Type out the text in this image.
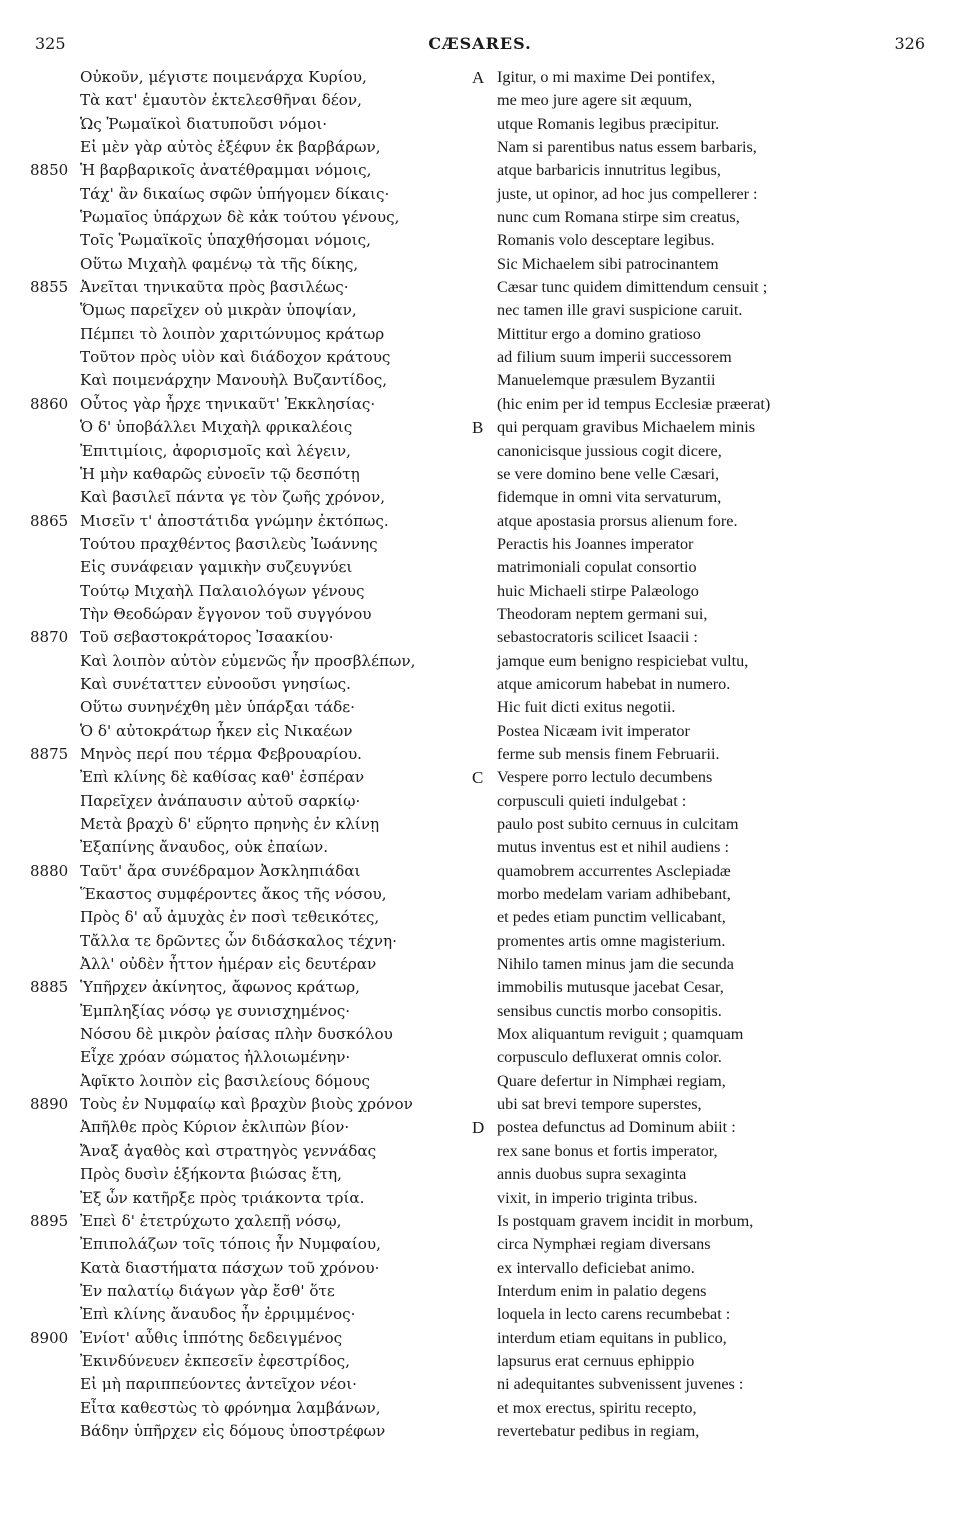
325	CÆSARES.	326
Οὐκοῦν, μέγιστε ποιμενάρχα Κυρίου,
Τὰ κατ' ἐμαυτὸν ἐκτελεσθῆναι δέον,
Ὡς Ῥωμαϊκοὶ διατυποῦσι νόμοι·
Εἰ μὲν γὰρ αὐτὸς ἐξέφυν ἐκ βαρβάρων,
8850 Ἡ βαρβαρικοῖς ἀνατέθραμμαι νόμοις,
Τάχ' ἂν δικαίως σφῶν ὑπήγομεν δίκαις·
Ῥωμαῖος ὑπάρχων δὲ κἀκ τούτου γένους,
Τοῖς Ῥωμαϊκοῖς ὑπαχθήσομαι νόμοις,
Οὕτω Μιχαὴλ φαμένῳ τὰ τῆς δίκης,
8855 Ἀνεῖται τηνικαῦτα πρὸς βασιλέως·
Ὅμως παρεῖχεν οὐ μικρὰν ὑποψίαν,
Πέμπει τὸ λοιπὸν χαριτώνυμος κράτωρ
Τοῦτον πρὸς υἱὸν καὶ διάδοχον κράτους
Καὶ ποιμενάρχην Μανουὴλ Βυζαντίδος,
8860 Οὗτος γὰρ ἦρχε τηνικαῦτ' Ἐκκλησίας·
Ὁ δ' ὑποβάλλει Μιχαὴλ φρικαλέοις
Ἐπιτιμίοις, ἀφορισμοῖς καὶ λέγειν,
Ἡ μὴν καθαρῶς εὐνοεῖν τῷ δεσπότῃ
Καὶ βασιλεῖ πάντα γε τὸν ζωῆς χρόνον,
8865 Μισεῖν τ' ἀποστάτιδα γνώμην ἐκτόπως.
Τούτου πραχθέντος βασιλεὺς Ἰωάννης
Εἰς συνάφειαν γαμικὴν συζευγνύει
Τούτῳ Μιχαὴλ Παλαιολόγων γένους
Τὴν Θεοδώραν ἔγγονον τοῦ συγγόνου
8870 Τοῦ σεβαστοκράτορος Ἰσαακίου·
Καὶ λοιπὸν αὐτὸν εὐμενῶς ἦν προσβλέπων,
Καὶ συνέταττεν εὐνοοῦσι γνησίως.
Οὕτω συνηνέχθη μὲν ὑπάρξαι τάδε·
Ὁ δ' αὐτοκράτωρ ἧκεν εἰς Νικαέων
8875 Μηνὸς περί που τέρμα Φεβρουαρίου.
Ἐπὶ κλίνης δὲ καθίσας καθ' ἑσπέραν
Παρεῖχεν ἀνάπαυσιν αὐτοῦ σαρκίῳ·
Μετὰ βραχὺ δ' εὕρητο πρηνὴς ἐν κλίνῃ
Ἐξαπίνης ἄναυδος, οὐκ ἐπαίων.
8880 Ταῦτ' ἄρα συνέδραμον Ἀσκληπιάδαι
Ἕκαστος συμφέροντες ἄκος τῆς νόσου,
Πρὸς δ' αὖ ἀμυχὰς ἐν ποσὶ τεθεικότες,
Τἄλλα τε δρῶντες ὧν διδάσκαλος τέχνη·
Ἀλλ' οὐδὲν ἧττον ἡμέραν εἰς δευτέραν
8885 Ὑπῆρχεν ἀκίνητος, ἄφωνος κράτωρ,
Ἐμπληξίας νόσῳ γε συνισχημένος·
Νόσου δὲ μικρὸν ῥαίσας πλὴν δυσκόλου
Εἶχε χρόαν σώματος ἠλλοιωμένην·
Ἀφῖκτο λοιπὸν εἰς βασιλείους δόμους
8890 Τοὺς ἐν Νυμφαίῳ καὶ βραχὺν βιοὺς χρόνον
Ἀπῆλθε πρὸς Κύριον ἐκλιπὼν βίον·
Ἄναξ ἀγαθὸς καὶ στρατηγὸς γεννάδας
Πρὸς δυσὶν ἑξήκοντα βιώσας ἔτη,
Ἐξ ὧν κατῆρξε πρὸς τριάκοντα τρία.
8895 Ἐπεὶ δ' ἐτετρύχωτο χαλεπῇ νόσῳ,
Ἐπιπολάζων τοῖς τόποις ἦν Νυμφαίου,
Κατὰ διαστήματα πάσχων τοῦ χρόνου·
Ἐν παλατίῳ διάγων γὰρ ἔσθ' ὅτε
Ἐπὶ κλίνης ἄναυδος ἦν ἐρριμμένος·
8900 Ἐνίοτ' αὖθις ἱππότης δεδειγμένος
Ἐκινδύνευεν ἐκπεσεῖν ἐφεστρίδος,
Εἰ μὴ παριππεύοντες ἀντεῖχον νέοι·
Εἶτα καθεστὼς τὸ φρόνημα λαμβάνων,
Βάδην ὑπῆρχεν εἰς δόμους ὑποστρέφων
A Igitur, o mi maxime Dei pontifex,
me meo jure agere sit æquum,
utque Romanis legibus præcipitur.
Nam si parentibus natus essem barbaris,
atque barbaricis innutritus legibus,
juste, ut opinor, ad hoc jus compellerer :
nunc cum Romana stirpe sim creatus,
Romanis volo desceptare legibus.
Sic Michaelem sibi patrocinantem
Cæsar tunc quidem dimittendum censuit ;
nec tamen ille gravi suspicione caruit.
Mittitur ergo a domino gratioso
ad filium suum imperii successorem
Manuelemque præsulem Byzantii
(hic enim per id tempus Ecclesiæ præerat)
B qui perquam gravibus Michaelem minis
canonicisque jussious cogit dicere,
se vere domino bene velle Cæsari,
fidemque in omni vita servaturum,
atque apostasia prorsus alienum fore.
Peractis his Joannes imperator
matrimoniali copulat consortio
huic Michaeli stirpe Palæologo
Theodoram neptem germani sui,
sebastocratoris scilicet Isaacii :
jamque eum benigno respiciebat vultu,
atque amicorum habebat in numero.
Hic fuit dicti exitus negotii.
Postea Nicæam ivit imperator
ferme sub mensis finem Februarii.
C Vespere porro lectulo decumbens
corpusculi quieti indulgebat :
paulo post subito cernuus in culcitam
mutus inventus est et nihil audiens :
quamobrem accurrentes Asclepiadæ
morbo medelam variam adhibebant,
et pedes etiam punctim vellicabant,
promentes artis omne magisterium.
Nihilo tamen minus jam die secunda
immobilis mutusque jacebat Cesar,
sensibus cunctis morbo consopitis.
Mox aliquantum reviguit ; quamquam
corpusculo defluxerat omnis color.
Quare defertur in Nimphæi regiam,
ubi sat brevi tempore superstes,
D postea defunctus ad Dominum abiit :
rex sane bonus et fortis imperator,
annis duobus supra sexaginta
vixit, in imperio triginta tribus.
Is postquam gravem incidit in morbum,
circa Nymphæi regiam diversans
ex intervallo deficiebat animo.
Interdum enim in palatio degens
loquela in lecto carens recumbebat :
interdum etiam equitans in publico,
lapsurus erat cernuus ephippio
ni adequitantes subvenissent juvenes :
et mox erectus, spiritu recepto,
revertebatur pedibus in regiam,
